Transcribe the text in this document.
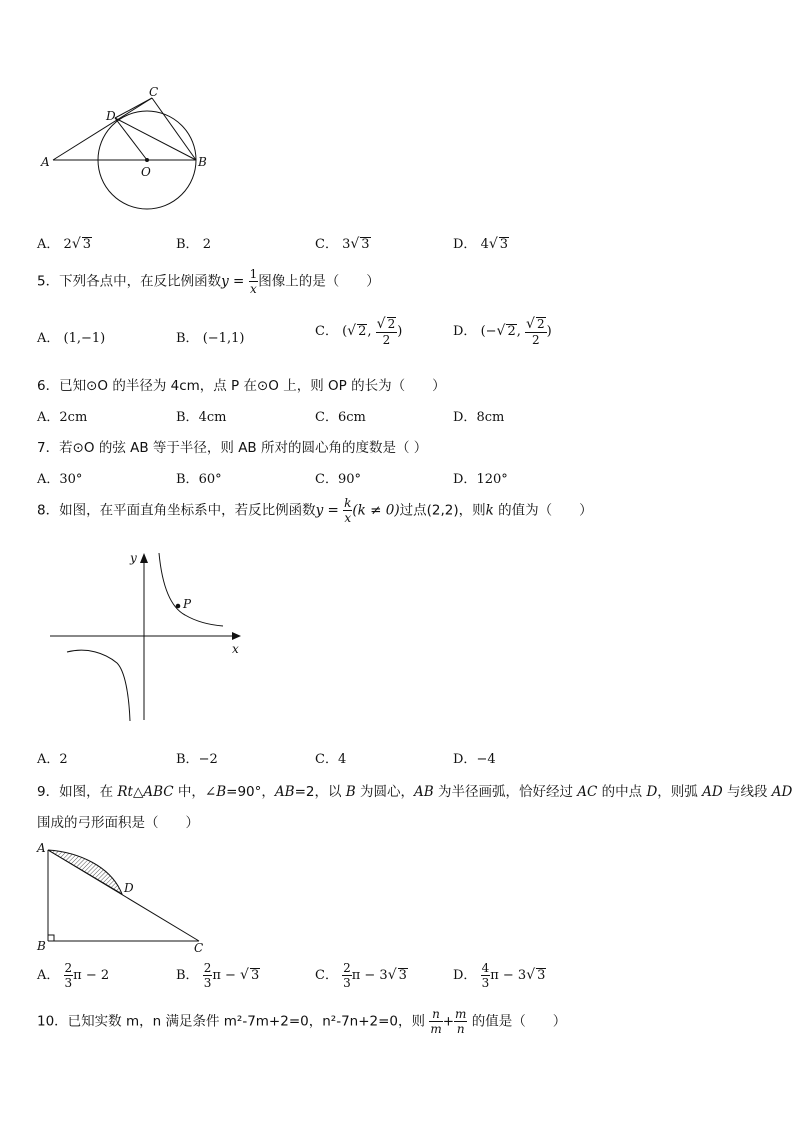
A	B
C
D
O
A． 2√ 3	B． 2	C． 3√ 3	D． 4√ 3
5．下列各点中，在反比例函数$y = \frac{1}{x}$ 图像上的是（　　）
A． (1,−1)	B． (−1,1)	C． (√ 2, $\frac{√ 2}{2}$ )	D． (−√ 2, $\frac{√ 2}{2}$ )
6．已知⊙O 的半径为 4cm，点 P 在⊙O 上，则 OP 的长为（　　）
A．2cm	B．4cm	C．6cm	D．8cm
7．若⊙O 的弦 AB 等于半径，则 AB 所对的圆心角的度数是（ ）
A．30°	B．60°	C．90°	D．120°
8．如图，在平面直角坐标系中，若反比例函数$y = \frac{k}{x} (k \ne 0)$过点(2,2)，则k 的值为（　　）
P
x
y
A．2	B．−2	C．4	D．−4
9．如图，在 Rt△ABC 中，∠B=90°，AB=2，以 B 为圆心，AB 为半径画弧，恰好经过 AC 的中点 D，则弧 AD 与线段 AD
围成的弓形面积是（　　）
A
B	C
D
A． $\frac{2}{3}$ π − 2	B． $\frac{2}{3}$ π − √ 3	C． $\frac{2}{3}$ π − 3√ 3	D． $\frac{4}{3}$ π − 3√ 3
10．已知实数 m，n 满足条件 m²-7m+2=0，n²-7n+2=0，则 $\frac{n}{m} + \frac{m}{n}$ 的值是（　　）
